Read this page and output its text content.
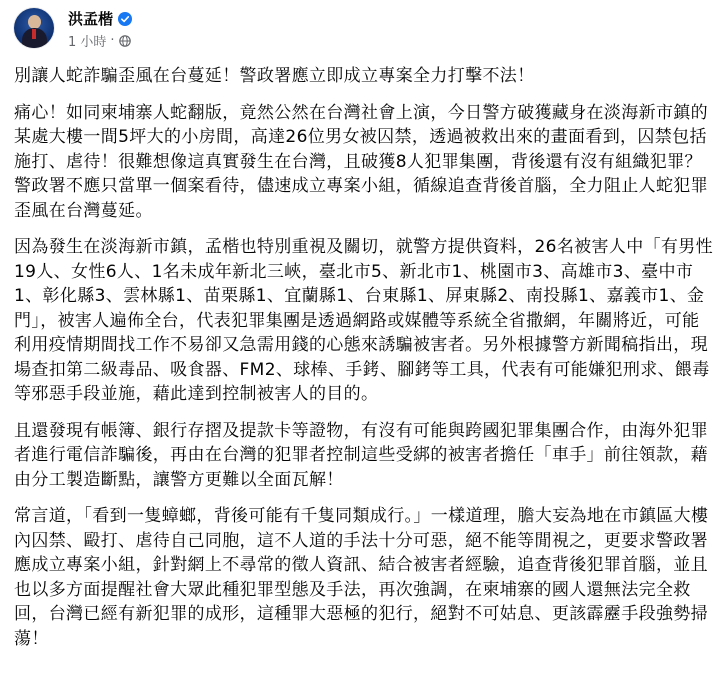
洪孟楷
1 小時 ·

別讓人蛇詐騙歪風在台蔓延！警政署應立即成立專案全力打擊不法！

痛心！如同柬埔寨人蛇翻版，竟然公然在台灣社會上演，今日警方破獲藏身在淡海新市鎮的某處大樓一間5坪大的小房間，高達26位男女被囚禁，透過被救出來的畫面看到，囚禁包括施打、虐待！很難想像這真實發生在台灣，且破獲8人犯罪集團，背後還有沒有組織犯罪？警政署不應只當單一個案看待，儘速成立專案小組，循線追查背後首腦，全力阻止人蛇犯罪歪風在台灣蔓延。

因為發生在淡海新市鎮，孟楷也特別重視及關切，就警方提供資料，26名被害人中「有男性19人、女性6人、1名未成年新北三峽，臺北市5、新北市1、桃園市3、高雄市3、臺中市1、彰化縣3、雲林縣1、苗栗縣1、宜蘭縣1、台東縣1、屏東縣2、南投縣1、嘉義市1、金門」，被害人遍佈全台，代表犯罪集團是透過網路或媒體等系統全省撒網，年關將近，可能利用疫情期間找工作不易卻又急需用錢的心態來誘騙被害者。另外根據警方新聞稿指出，現場查扣第二級毒品、吸食器、FM2、球棒、手銬、腳銬等工具，代表有可能嫌犯刑求、餵毒等邪惡手段並施，藉此達到控制被害人的目的。

且還發現有帳簿、銀行存摺及提款卡等證物，有沒有可能與跨國犯罪集團合作，由海外犯罪者進行電信詐騙後，再由在台灣的犯罪者控制這些受綁的被害者擔任「車手」前往領款，藉由分工製造斷點，讓警方更難以全面瓦解！

常言道，「看到一隻蟑螂，背後可能有千隻同類成行。」一樣道理，膽大妄為地在市鎮區大樓內囚禁、毆打、虐待自己同胞，這不人道的手法十分可惡，絕不能等閒視之，更要求警政署應成立專案小組，針對網上不尋常的徵人資訊、結合被害者經驗，追查背後犯罪首腦，並且也以多方面提醒社會大眾此種犯罪型態及手法，再次強調，在柬埔寨的國人還無法完全救回，台灣已經有新犯罪的成形，這種罪大惡極的犯行，絕對不可姑息、更該霹靂手段強勢掃蕩！
